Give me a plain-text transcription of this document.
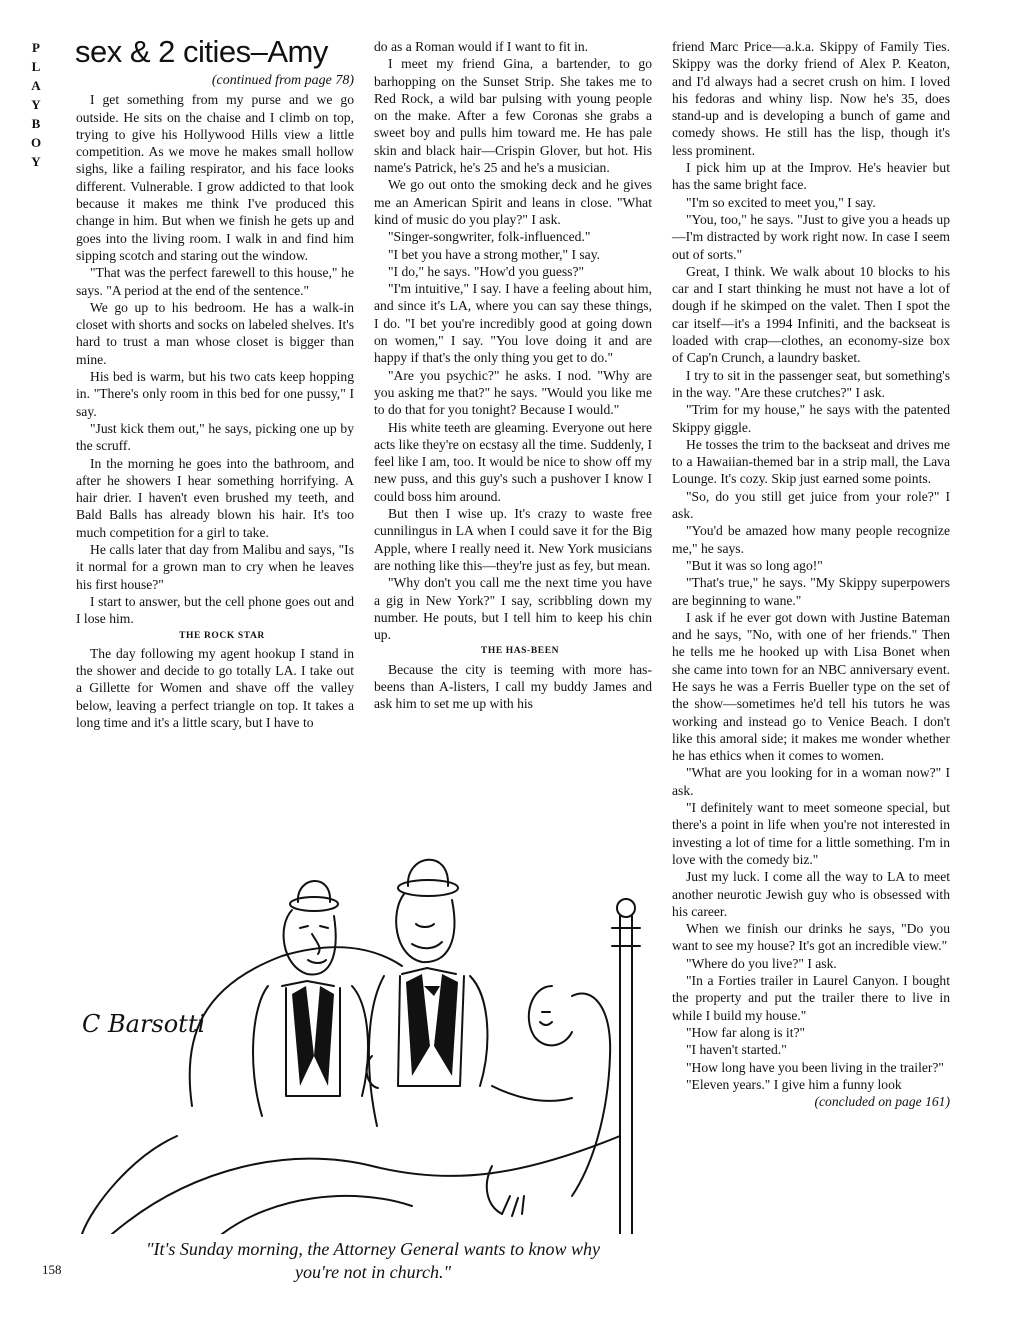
P
L
A
Y
B
O
Y
sex & 2 cities–Amy
(continued from page 78)

I get something from my purse and we go outside. He sits on the chaise and I climb on top, trying to give his Hollywood Hills view a little competition. As we move he makes small hollow sighs, like a failing respirator, and his face looks different. Vulnerable. I grow addicted to that look because it makes me think I've produced this change in him. But when we finish he gets up and goes into the living room. I walk in and find him sipping scotch and staring out the window.

"That was the perfect farewell to this house," he says. "A period at the end of the sentence."

We go up to his bedroom. He has a walk-in closet with shorts and socks on labeled shelves. It's hard to trust a man whose closet is bigger than mine.

His bed is warm, but his two cats keep hopping in. "There's only room in this bed for one pussy," I say.

"Just kick them out," he says, picking one up by the scruff.

In the morning he goes into the bathroom, and after he showers I hear something horrifying. A hair drier. I haven't even brushed my teeth, and Bald Balls has already blown his hair. It's too much competition for a girl to take.

He calls later that day from Malibu and says, "Is it normal for a grown man to cry when he leaves his first house?"

I start to answer, but the cell phone goes out and I lose him.

THE ROCK STAR

The day following my agent hookup I stand in the shower and decide to go totally LA. I take out a Gillette for Women and shave off the valley below, leaving a perfect triangle on top. It takes a long time and it's a little scary, but I have to

do as a Roman would if I want to fit in.

I meet my friend Gina, a bartender, to go barhopping on the Sunset Strip. She takes me to Red Rock, a wild bar pulsing with young people on the make. After a few Coronas she grabs a sweet boy and pulls him toward me. He has pale skin and black hair—Crispin Glover, but hot. His name's Patrick, he's 25 and he's a musician.

We go out onto the smoking deck and he gives me an American Spirit and leans in close. "What kind of music do you play?" I ask.

"Singer-songwriter, folk-influenced."

"I bet you have a strong mother," I say.

"I do," he says. "How'd you guess?"

"I'm intuitive," I say. I have a feeling about him, and since it's LA, where you can say these things, I do. "I bet you're incredibly good at going down on women," I say. "You love doing it and are happy if that's the only thing you get to do."

"Are you psychic?" he asks. I nod. "Why are you asking me that?" he says. "Would you like me to do that for you tonight? Because I would."

His white teeth are gleaming. Everyone out here acts like they're on ecstasy all the time. Suddenly, I feel like I am, too. It would be nice to show off my new puss, and this guy's such a pushover I know I could boss him around.

But then I wise up. It's crazy to waste free cunnilingus in LA when I could save it for the Big Apple, where I really need it. New York musicians are nothing like this—they're just as fey, but mean.

"Why don't you call me the next time you have a gig in New York?" I say, scribbling down my number. He pouts, but I tell him to keep his chin up.

THE HAS-BEEN

Because the city is teeming with more has-beens than A-listers, I call my buddy James and ask him to set me up with his

friend Marc Price—a.k.a. Skippy of Family Ties. Skippy was the dorky friend of Alex P. Keaton, and I'd always had a secret crush on him. I loved his fedoras and whiny lisp. Now he's 35, does stand-up and is developing a bunch of game and comedy shows. He still has the lisp, though it's less prominent.

I pick him up at the Improv. He's heavier but has the same bright face.

"I'm so excited to meet you," I say.

"You, too," he says. "Just to give you a heads up—I'm distracted by work right now. In case I seem out of sorts."

Great, I think. We walk about 10 blocks to his car and I start thinking he must not have a lot of dough if he skimped on the valet. Then I spot the car itself—it's a 1994 Infiniti, and the backseat is loaded with crap—clothes, an economy-size box of Cap'n Crunch, a laundry basket.

I try to sit in the passenger seat, but something's in the way. "Are these crutches?" I ask.

"Trim for my house," he says with the patented Skippy giggle.

He tosses the trim to the backseat and drives me to a Hawaiian-themed bar in a strip mall, the Lava Lounge. It's cozy. Skip just earned some points.

"So, do you still get juice from your role?" I ask.

"You'd be amazed how many people recognize me," he says.

"But it was so long ago!"

"That's true," he says. "My Skippy superpowers are beginning to wane."

I ask if he ever got down with Justine Bateman and he says, "No, with one of her friends." Then he tells me he hooked up with Lisa Bonet when she came into town for an NBC anniversary event. He says he was a Ferris Bueller type on the set of the show—sometimes he'd tell his tutors he was working and instead go to Venice Beach. I don't like this amoral side; it makes me wonder whether he has ethics when it comes to women.

"What are you looking for in a woman now?" I ask.

"I definitely want to meet someone special, but there's a point in life when you're not interested in investing a lot of time for a little something. I'm in love with the comedy biz."

Just my luck. I come all the way to LA to meet another neurotic Jewish guy who is obsessed with his career.

When we finish our drinks he says, "Do you want to see my house? It's got an incredible view."

"Where do you live?" I ask.

"In a Forties trailer in Laurel Canyon. I bought the property and put the trailer there to live in while I build my house."

"How far along is it?"

"I haven't started."

"How long have you been living in the trailer?"

"Eleven years." I give him a funny look

(concluded on page 161)

C Barsotti
"It's Sunday morning, the Attorney General wants to know why
you're not in church."
158
